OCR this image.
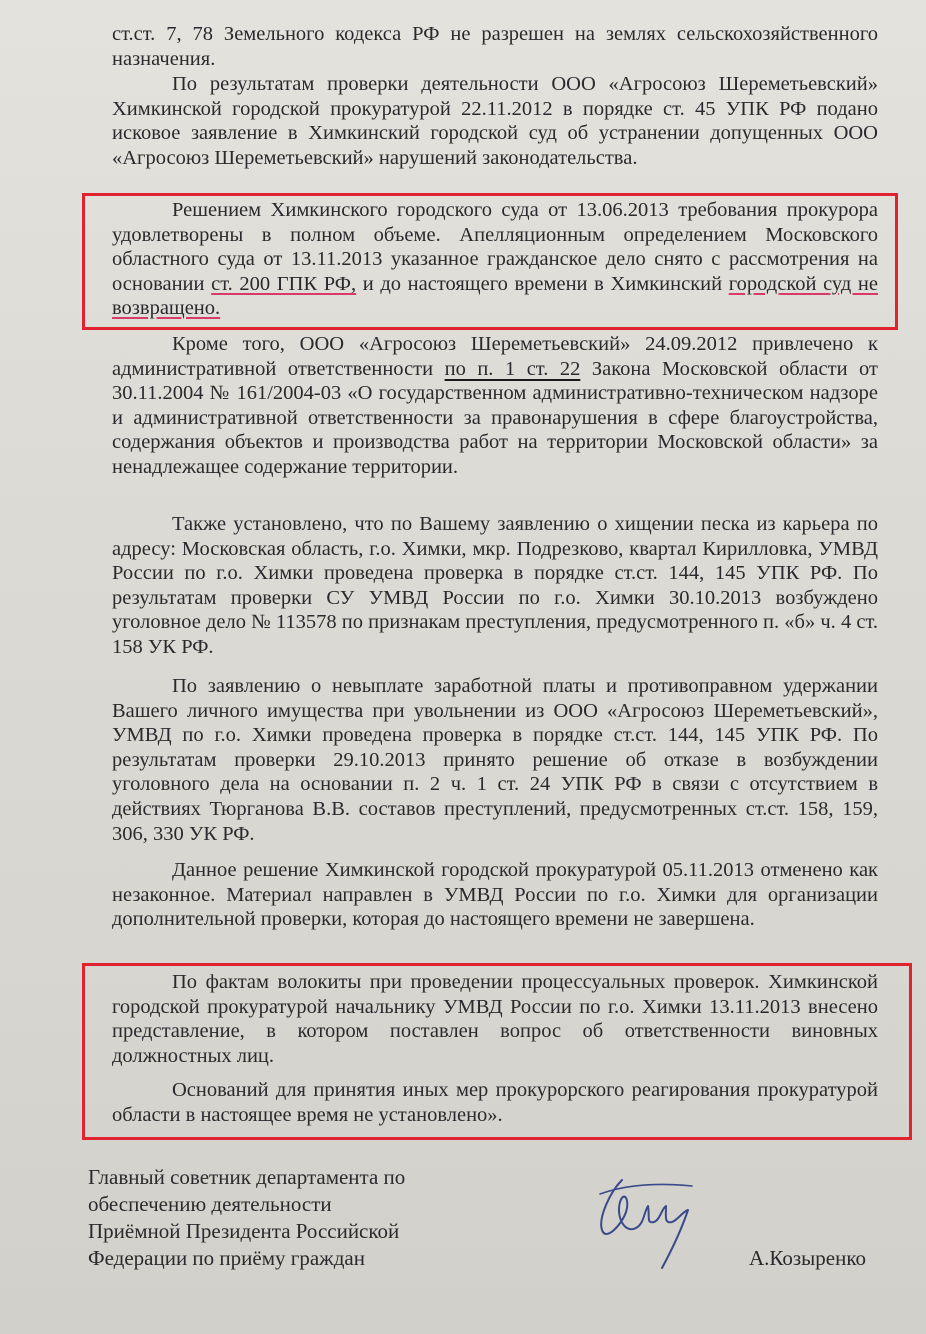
ст.ст. 7, 78 Земельного кодекса РФ не разрешен на землях сельскохозяйственного назначения.

По результатам проверки деятельности ООО «Агросоюз Шереметьевский» Химкинской городской прокуратурой 22.11.2012 в порядке ст. 45 УПК РФ подано исковое заявление в Химкинский городской суд об устранении допущенных ООО «Агросоюз Шереметьевский» нарушений законодательства.

Решением Химкинского городского суда от 13.06.2013 требования прокурора удовлетворены в полном объеме. Апелляционным определением Московского областного суда от 13.11.2013 указанное гражданское дело снято с рассмотрения на основании ст. 200 ГПК РФ, и до настоящего времени в Химкинский городской суд не возвращено.

Кроме того, ООО «Агросоюз Шереметьевский» 24.09.2012 привлечено к административной ответственности по п. 1 ст. 22 Закона Московской области от 30.11.2004 № 161/2004-03 «О государственном административно-техническом надзоре и административной ответственности за правонарушения в сфере благоустройства, содержания объектов и производства работ на территории Московской области» за ненадлежащее содержание территории.

Также установлено, что по Вашему заявлению о хищении песка из карьера по адресу: Московская область, г.о. Химки, мкр. Подрезково, квартал Кирилловка, УМВД России по г.о. Химки проведена проверка в порядке ст.ст. 144, 145 УПК РФ. По результатам проверки СУ УМВД России по г.о. Химки 30.10.2013 возбуждено уголовное дело № 113578 по признакам преступления, предусмотренного п. «б» ч. 4 ст. 158 УК РФ.

По заявлению о невыплате заработной платы и противоправном удержании Вашего личного имущества при увольнении из ООО «Агросоюз Шереметьевский», УМВД по г.о. Химки проведена проверка в порядке ст.ст. 144, 145 УПК РФ. По результатам проверки 29.10.2013 принято решение об отказе в возбуждении уголовного дела на основании п. 2 ч. 1 ст. 24 УПК РФ в связи с отсутствием в действиях Тюрганова В.В. составов преступлений, предусмотренных ст.ст. 158, 159, 306, 330 УК РФ.

Данное решение Химкинской городской прокуратурой 05.11.2013 отменено как незаконное. Материал направлен в УМВД России по г.о. Химки для организации дополнительной проверки, которая до настоящего времени не завершена.

По фактам волокиты при проведении процессуальных проверок. Химкинской городской прокуратурой начальнику УМВД России по г.о. Химки 13.11.2013 внесено представление, в котором поставлен вопрос об ответственности виновных должностных лиц.

Оснований для принятия иных мер прокурорского реагирования прокуратурой области в настоящее время не установлено».

Главный советник департамента по
обеспечению деятельности
Приёмной Президента Российской
Федерации по приёму граждан	А.Козыренко
